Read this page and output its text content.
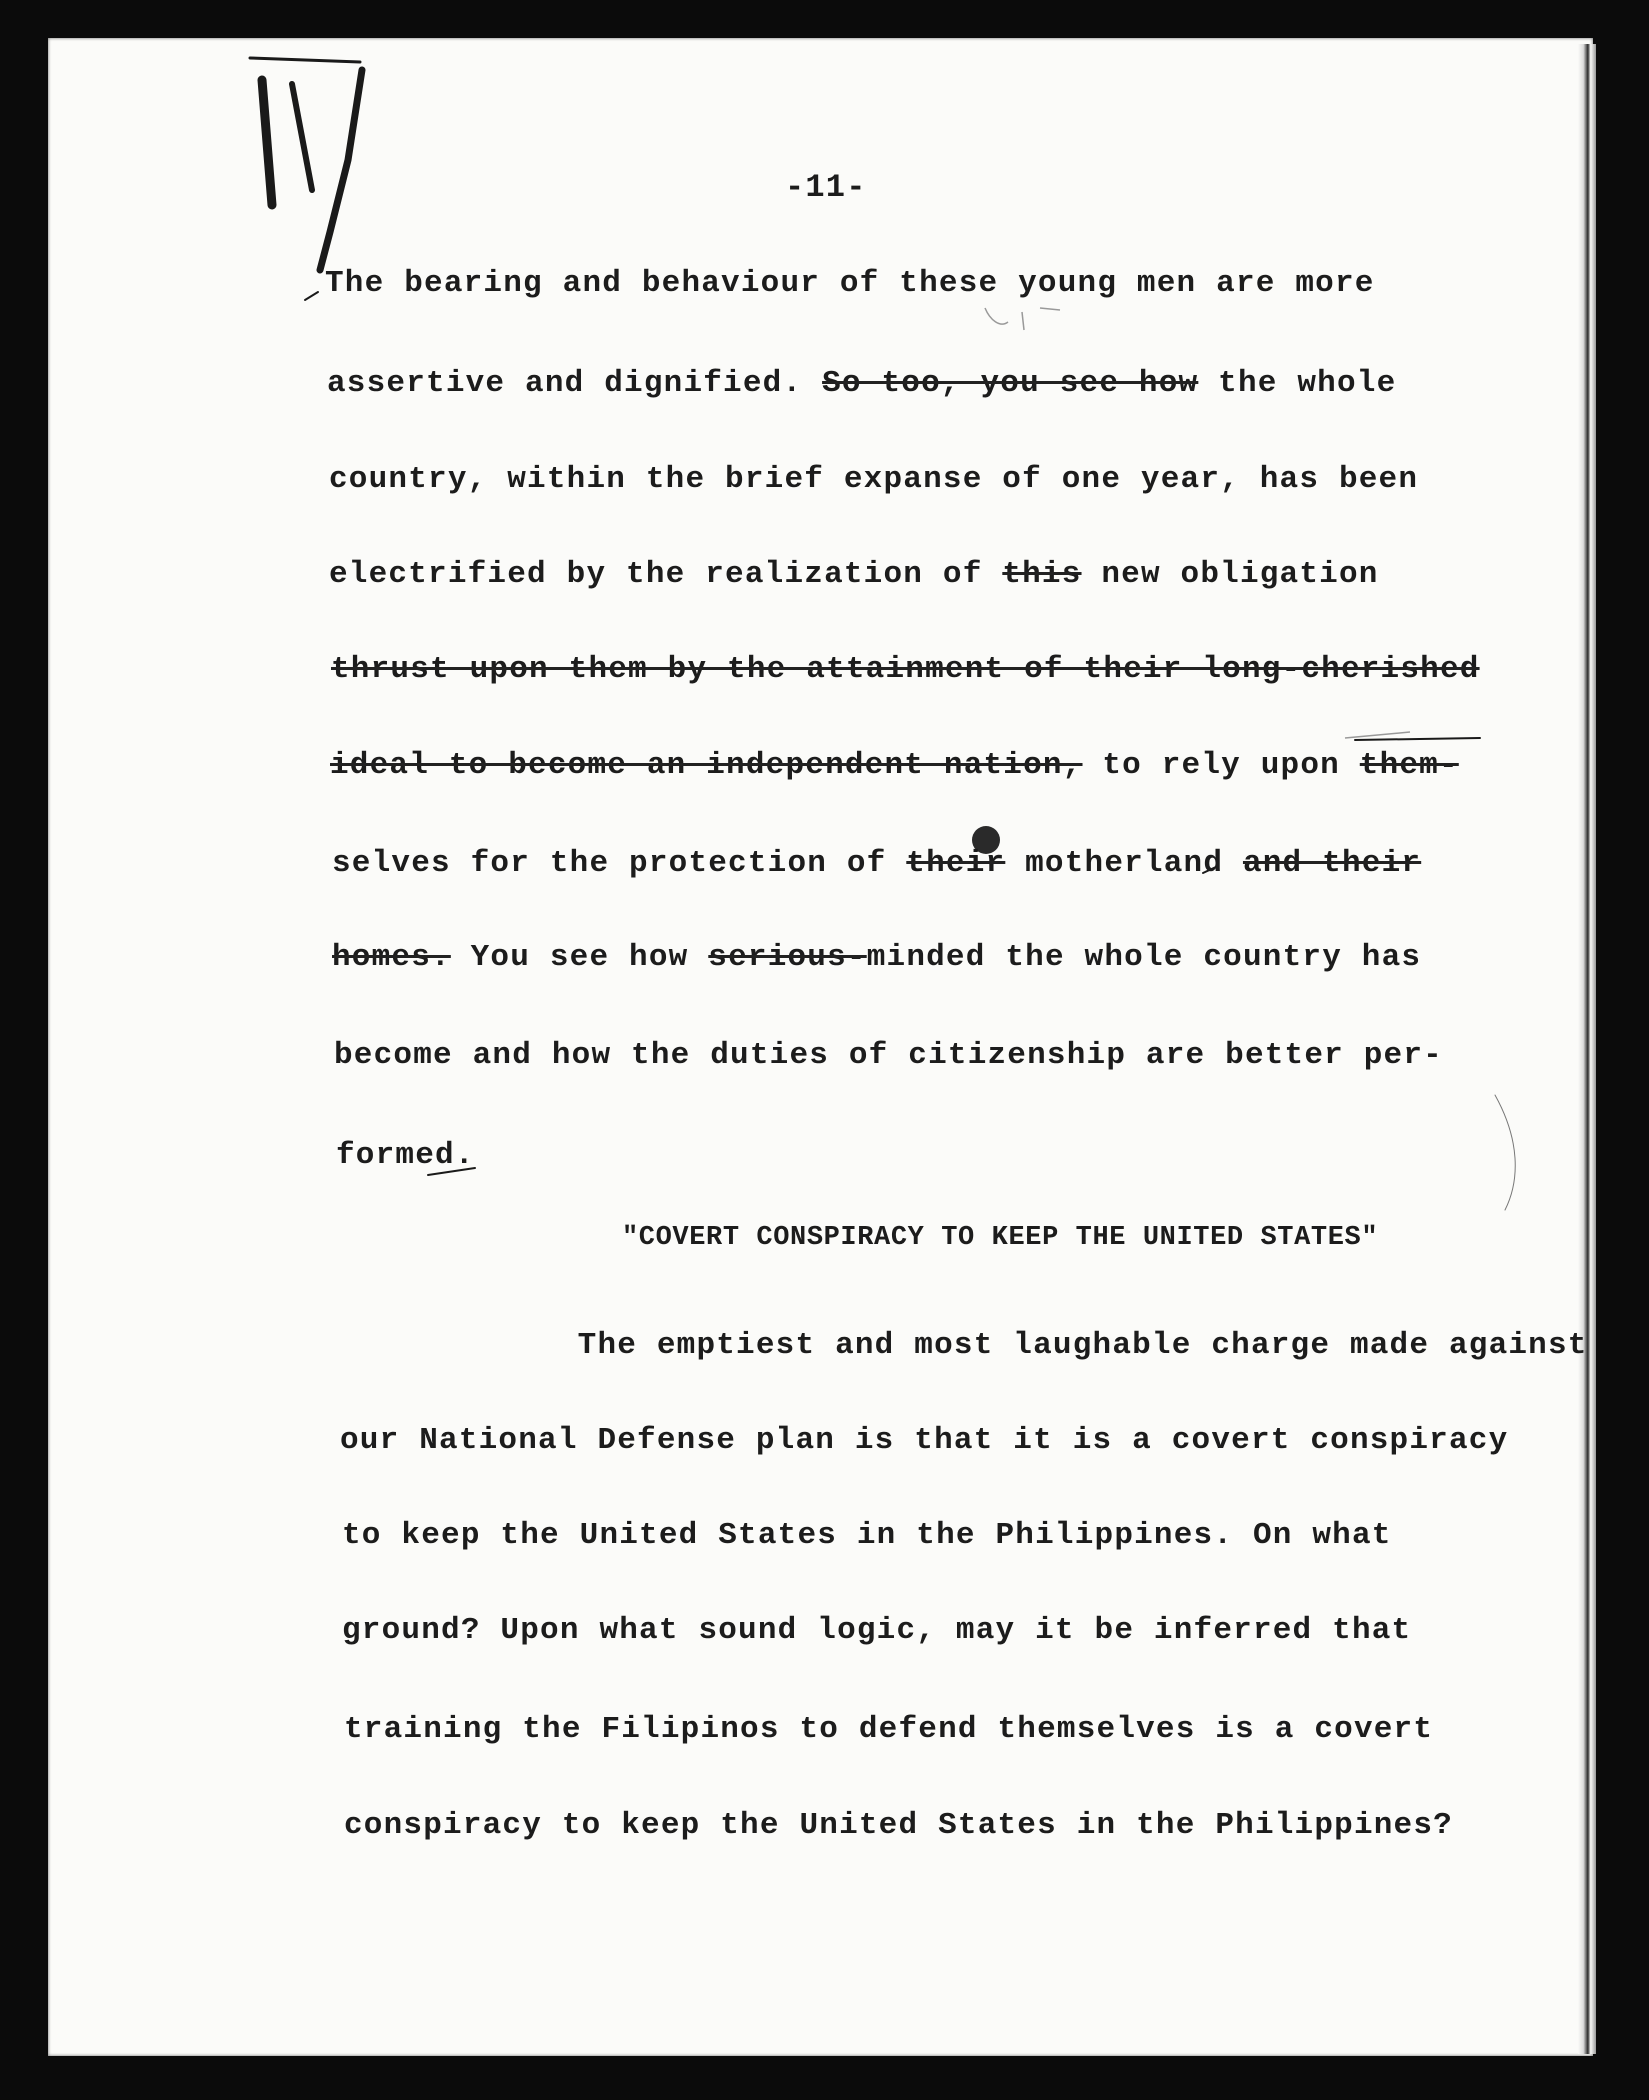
-11-
The bearing and behaviour of these young men are more
assertive and dignified. So too, you see how the whole
country, within the brief expanse of one year, has been
electrified by the realization of this new obligation
thrust upon them by the attainment of their long-cherished
ideal to become an independent nation, to rely upon them-
selves for the protection of their motherland and their
homes. You see how serious-minded the whole country has
become and how the duties of citizenship are better per-
formed.
"COVERT CONSPIRACY TO KEEP THE UNITED STATES"
The emptiest and most laughable charge made against
our National Defense plan is that it is a covert conspiracy
to keep the United States in the Philippines. On what
ground? Upon what sound logic, may it be inferred that
training the Filipinos to defend themselves is a covert
conspiracy to keep the United States in the Philippines?
